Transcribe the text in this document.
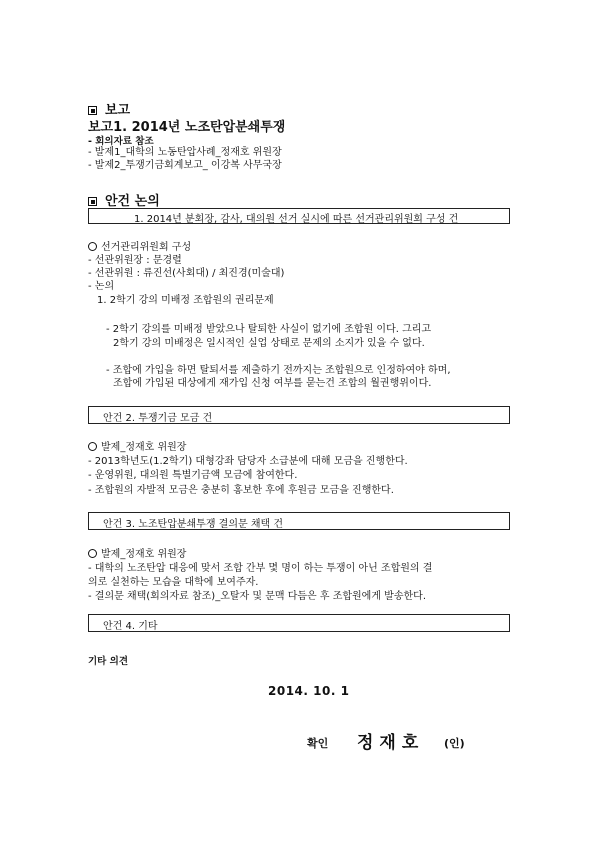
보고
보고1. 2014년 노조탄압분쇄투쟁
- 회의자료 참조
- 발제1_대학의 노동탄압사례_정재호 위원장
- 발제2_투쟁기금회계보고_ 이강복 사무국장
안건 논의
1. 2014년 분회장, 감사, 대의원 선거 실시에 따른 선거관리위원회 구성 건
선거관리위원회 구성
- 선관위원장 : 문경렬
- 선관위원 : 류진선(사회대) / 최진경(미술대)
- 논의
1. 2학기 강의 미배정 조합원의 권리문제
- 2학기 강의를 미배정 받았으나 탈퇴한 사실이 없기에 조합원 이다. 그리고
2학기 강의 미배정은 일시적인 실업 상태로 문제의 소지가 있을 수 없다.
- 조합에 가입을 하면 탈퇴서를 제출하기 전까지는 조합원으로 인정하여야 하며,
조합에 가입된 대상에게 재가입 신청 여부를 묻는건 조합의 월권행위이다.
안건 2. 투쟁기금 모금 건
발제_정재호 위원장
- 2013학년도(1.2학기) 대형강좌 담당자 소급분에 대해 모금을 진행한다.
- 운영위원, 대의원 특별기금액 모금에 참여한다.
- 조합원의 자발적 모금은 충분히 홍보한 후에 후원금 모금을 진행한다.
안건 3. 노조탄압분쇄투쟁 결의문 채택 건
발제_정재호 위원장
- 대학의 노조탄압 대응에 맞서 조합 간부 몇 명이 하는 투쟁이 아닌 조합원의 결
의로 실천하는 모습을 대학에 보여주자.
- 결의문 채택(회의자료 참조)_오탈자 및 문맥 다듬은 후 조합원에게 발송한다.
안건 4. 기타
기타 의견
2014. 10. 1
확인 정재호 (인)
